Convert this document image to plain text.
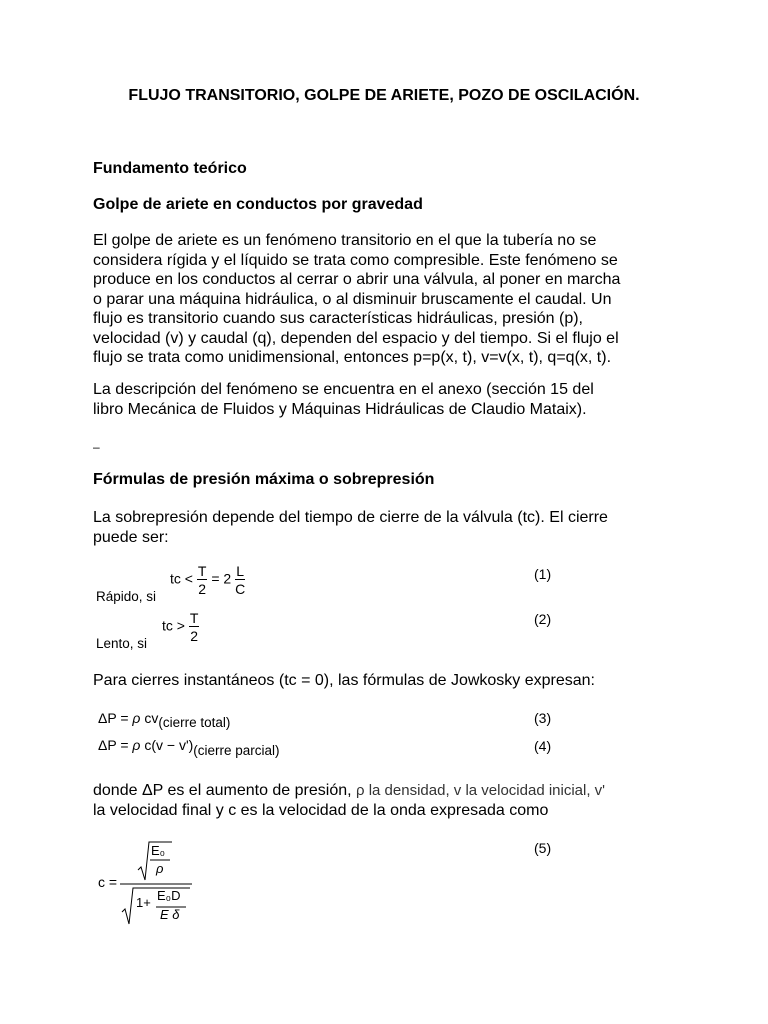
FLUJO TRANSITORIO, GOLPE DE ARIETE, POZO DE OSCILACIÓN.
Fundamento teórico
Golpe de ariete en conductos por gravedad
El golpe de ariete es un fenómeno transitorio en el que la tubería no se
considera rígida y el líquido se trata como compresible. Este fenómeno se
produce en los conductos al cerrar o abrir una válvula, al poner en marcha
o parar una máquina hidráulica, o al disminuir bruscamente el caudal. Un
flujo es transitorio cuando sus características hidráulicas, presión (p),
velocidad (v) y caudal (q), dependen del espacio y del tiempo. Si el flujo el
flujo se trata como unidimensional, entonces p=p(x, t), v=v(x, t), q=q(x, t).
La descripción del fenómeno se encuentra en el anexo (sección 15 del
libro Mecánica de Fluidos y Máquinas Hidráulicas de Claudio Mataix).
–
Fórmulas de presión máxima o sobrepresión
La sobrepresión depende del tiempo de cierre de la válvula (tc). El cierre
puede ser:
Rápido, si
tc < $\frac{T}{2} = 2 \frac{L}{C}$	(1)
Lento, si
tc > $\frac{T}{2}$	(2)
Para cierres instantáneos (tc = 0), las fórmulas de Jowkosky expresan:
ΔP = ρ cv(cierre total)	(3)
ΔP = ρ c(v − v')(cierre parcial)	(4)
donde ΔP es el aumento de presión, ρ la densidad, v la velocidad inicial, v'
la velocidad final y c es la velocidad de la onda expresada como
c =
E₀
ρ
1+ E₀D
E δ
(5)
